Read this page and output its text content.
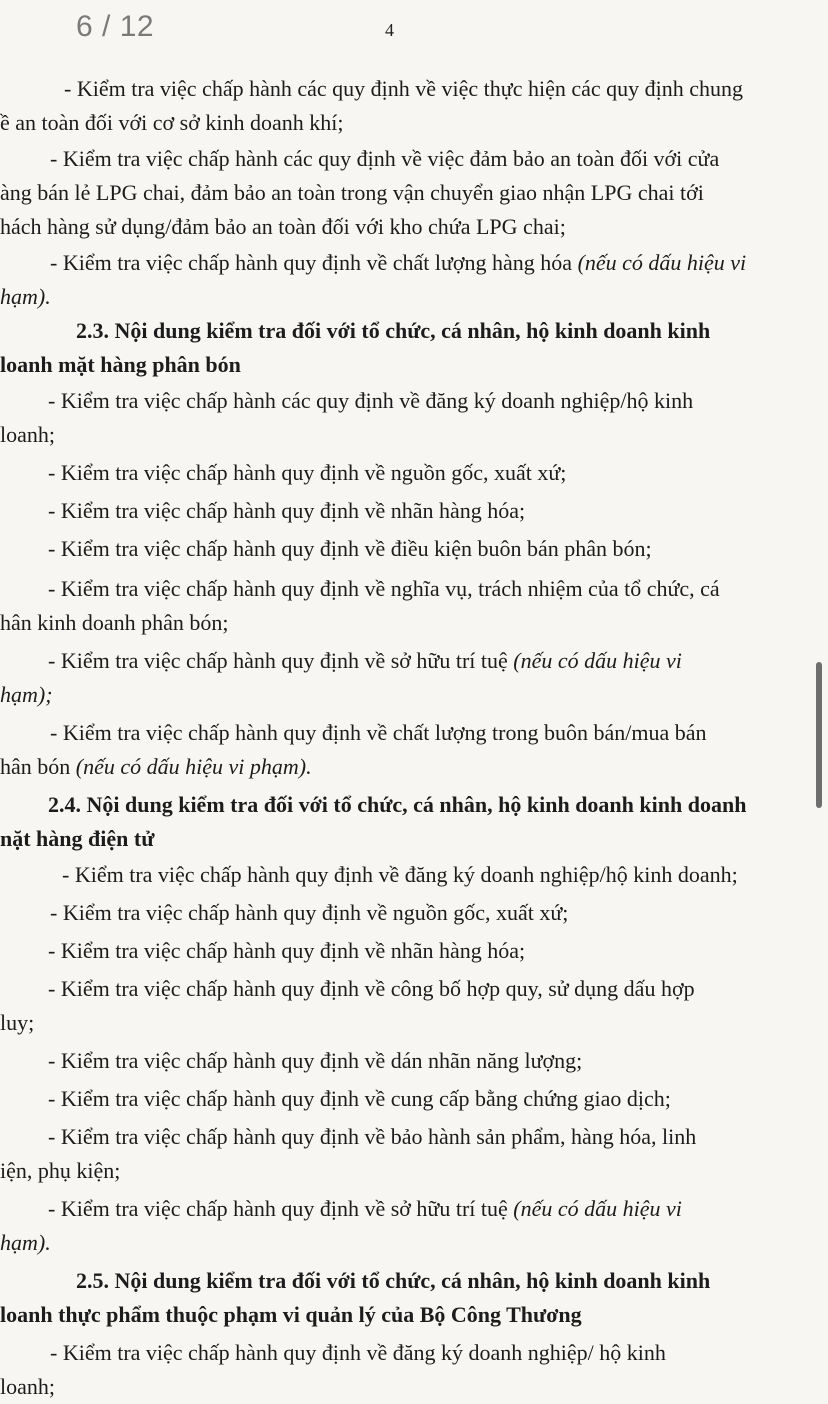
6 / 12	4
- Kiểm tra việc chấp hành các quy định về việc thực hiện các quy định chung
ề an toàn đối với cơ sở kinh doanh khí;
- Kiểm tra việc chấp hành các quy định về việc đảm bảo an toàn đối với cửa
àng bán lẻ LPG chai, đảm bảo an toàn trong vận chuyển giao nhận LPG chai tới
hách hàng sử dụng/đảm bảo an toàn đối với kho chứa LPG chai;
- Kiểm tra việc chấp hành quy định về chất lượng hàng hóa (nếu có dấu hiệu vi
hạm).
2.3. Nội dung kiểm tra đối với tổ chức, cá nhân, hộ kinh doanh kinh
loanh mặt hàng phân bón
- Kiểm tra việc chấp hành các quy định về đăng ký doanh nghiệp/hộ kinh
loanh;
- Kiểm tra việc chấp hành quy định về nguồn gốc, xuất xứ;
- Kiểm tra việc chấp hành quy định về nhãn hàng hóa;
- Kiểm tra việc chấp hành quy định về điều kiện buôn bán phân bón;
- Kiểm tra việc chấp hành quy định về nghĩa vụ, trách nhiệm của tổ chức, cá
hân kinh doanh phân bón;
- Kiểm tra việc chấp hành quy định về sở hữu trí tuệ (nếu có dấu hiệu vi
hạm);
- Kiểm tra việc chấp hành quy định về chất lượng trong buôn bán/mua bán
hân bón (nếu có dấu hiệu vi phạm).
2.4. Nội dung kiểm tra đối với tổ chức, cá nhân, hộ kinh doanh kinh doanh
nặt hàng điện tử
- Kiểm tra việc chấp hành quy định về đăng ký doanh nghiệp/hộ kinh doanh;
- Kiểm tra việc chấp hành quy định về nguồn gốc, xuất xứ;
- Kiểm tra việc chấp hành quy định về nhãn hàng hóa;
- Kiểm tra việc chấp hành quy định về công bố hợp quy, sử dụng dấu hợp
luy;
- Kiểm tra việc chấp hành quy định về dán nhãn năng lượng;
- Kiểm tra việc chấp hành quy định về cung cấp bằng chứng giao dịch;
- Kiểm tra việc chấp hành quy định về bảo hành sản phẩm, hàng hóa, linh
iện, phụ kiện;
- Kiểm tra việc chấp hành quy định về sở hữu trí tuệ (nếu có dấu hiệu vi
hạm).
2.5. Nội dung kiểm tra đối với tổ chức, cá nhân, hộ kinh doanh kinh
loanh thực phẩm thuộc phạm vi quản lý của Bộ Công Thương
- Kiểm tra việc chấp hành quy định về đăng ký doanh nghiệp/ hộ kinh
loanh;
